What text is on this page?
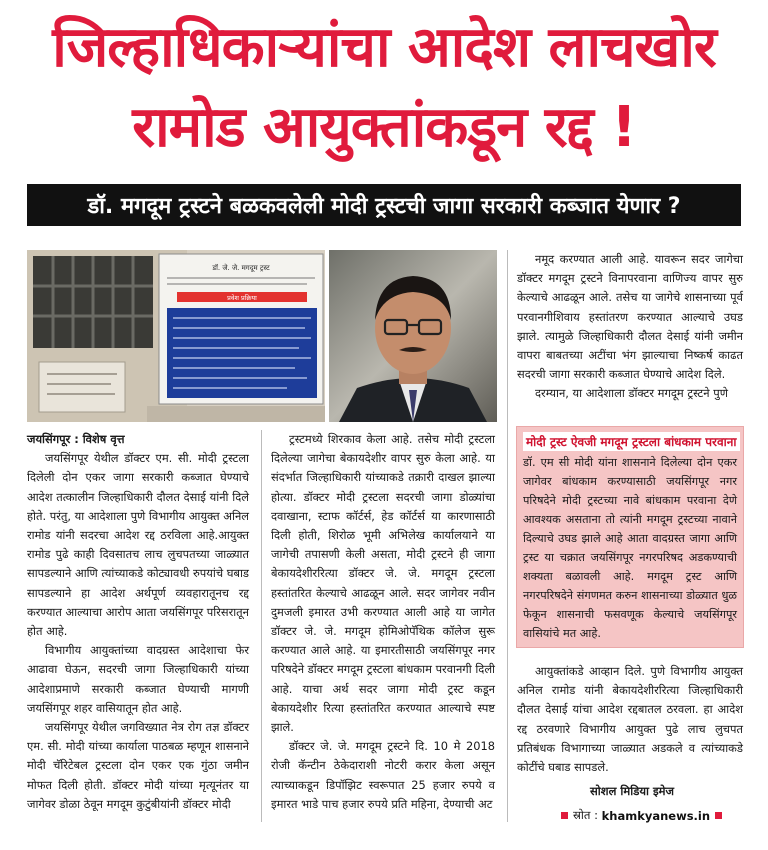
जिल्हाधिकाऱ्यांचा आदेश लाचखोर
रामोड आयुक्तांकडून रद्द !
डॉ. मगदूम ट्रस्टने बळकवलेली मोदी ट्रस्टची जागा सरकारी कब्जात येणार ?
डॉ. जे. जे. मगदूम ट्रस्ट
प्रवेश प्रक्रिया

जयसिंगपूर : विशेष वृत्त

जयसिंगपूर येथील डॉक्टर एम. सी. मोदी ट्रस्टला दिलेली दोन एकर जागा सरकारी कब्जात घेण्याचे आदेश तत्कालीन जिल्हाधिकारी दौलत देसाई यांनी दिले होते. परंतु, या आदेशाला पुणे विभागीय आयुक्त अनिल रामोड यांनी सदरचा आदेश रद्द ठरविला आहे.आयुक्त रामोड पुढे काही दिवसातच लाच लुचपतच्या जाळ्यात सापडल्याने आणि त्यांच्याकडे कोट्यावधी रुपयांचे घबाड सापडल्याने हा आदेश अर्थपूर्ण व्यवहारातूनच रद्द करण्यात आल्याचा आरोप आता जयसिंगपूर परिसरातून होत आहे.

विभागीय आयुक्तांच्या वादग्रस्त आदेशाचा फेर आढावा घेऊन, सदरची जागा जिल्हाधिकारी यांच्या आदेशाप्रमाणे सरकारी कब्जात घेण्याची मागणी जयसिंगपूर शहर वासियातून होत आहे.

जयसिंगपूर येथील जगविख्यात नेत्र रोग तज्ञ डॉक्टर एम. सी. मोदी यांच्या कार्याला पाठबळ म्हणून शासनाने मोदी चॅरिटेबल ट्रस्टला दोन एकर एक गुंठा जमीन मोफत दिली होती. डॉक्टर मोदी यांच्या मृत्यूनंतर या जागेवर डोळा ठेवून मगदूम कुटुंबीयांनी डॉक्टर मोदी

ट्रस्टमध्ये शिरकाव केला आहे. तसेच मोदी ट्रस्टला दिलेल्या जागेचा बेकायदेशीर वापर सुरु केला आहे. या संदर्भात जिल्हाधिकारी यांच्याकडे तक्रारी दाखल झाल्या होत्या. डॉक्टर मोदी ट्रस्टला सदरची जागा डोळ्यांचा दवाखाना, स्टाफ कॉर्टर्स, हेड कॉर्टर्स या कारणासाठी दिली होती, शिरोळ भूमी अभिलेख कार्यालयाने या जागेची तपासणी केली असता, मोदी ट्रस्टने ही जागा बेकायदेशीररित्या डॉक्टर जे. जे. मगदूम ट्रस्टला हस्तांतरित केल्याचे आढळून आले. सदर जागेवर नवीन दुमजली इमारत उभी करण्यात आली आहे या जागेत डॉक्टर जे. जे. मगदूम होमिओपॅथिक कॉलेज सुरू करण्यात आले आहे. या इमारतीसाठी जयसिंगपूर नगर परिषदेने डॉक्टर मगदूम ट्रस्टला बांधकाम परवानगी दिली आहे. याचा अर्थ सदर जागा मोदी ट्रस्ट कडून बेकायदेशीर रित्या हस्तांतरित करण्यात आल्याचे स्पष्ट झाले.

डॉक्टर जे. जे. मगदूम ट्रस्टने दि. 10 मे 2018 रोजी कॅन्टीन ठेकेदाराशी नोटरी करार केला असून त्याच्याकडून डिपॉझिट स्वरूपात 25 हजार रुपये व इमारत भाडे पाच हजार रुपये प्रति महिना, देण्याची अट

नमूद करण्यात आली आहे. यावरून सदर जागेचा डॉक्टर मगदूम ट्रस्टने विनापरवाना वाणिज्य वापर सुरु केल्याचे आढळून आले. तसेच या जागेचे शासनाच्या पूर्व परवानगीशिवाय हस्तांतरण करण्यात आल्याचे उघड झाले. त्यामुळे जिल्हाधिकारी दौलत देसाई यांनी जमीन वापरा बाबतच्या अटींचा भंग झाल्याचा निष्कर्ष काढत सदरची जागा सरकारी कब्जात घेण्याचे आदेश दिले.

दरम्यान, या आदेशाला डॉक्टर मगदूम ट्रस्टने पुणे

मोदी ट्रस्ट ऐवजी मगदूम ट्रस्टला बांधकाम परवाना
डॉ. एम सी मोदी यांना शासनाने दिलेल्या दोन एकर जागेवर बांधकाम करण्यासाठी जयसिंगपूर नगर परिषदेने मोदी ट्रस्टच्या नावे बांधकाम परवाना देणे आवश्यक असताना तो त्यांनी मगदूम ट्रस्टच्या नावाने दिल्याचे उघड झाले आहे आता वादग्रस्त जागा आणि ट्रस्ट या चक्रात जयसिंगपूर नगरपरिषद अडकण्याची शक्यता बळावली आहे. मगदूम ट्रस्ट आणि नगरपरिषदेने संगणमत करुन शासनाच्या डोळ्यात धुळ फेकून शासनाची फसवणूक केल्याचे जयसिंगपूर वासियांचे मत आहे.

आयुक्तांकडे आव्हान दिले. पुणे विभागीय आयुक्त अनिल रामोड यांनी बेकायदेशीररित्या जिल्हाधिकारी दौलत देसाई यांचा आदेश रद्दबातल ठरवला. हा आदेश रद्द ठरवणारे विभागीय आयुक्त पुढे लाच लुचपत प्रतिबंधक विभागाच्या जाळ्यात अडकले व त्यांच्याकडे कोटींचे घबाड सापडले.

सोशल मिडिया इमेज
स्रोत :
khamkyanews.in
